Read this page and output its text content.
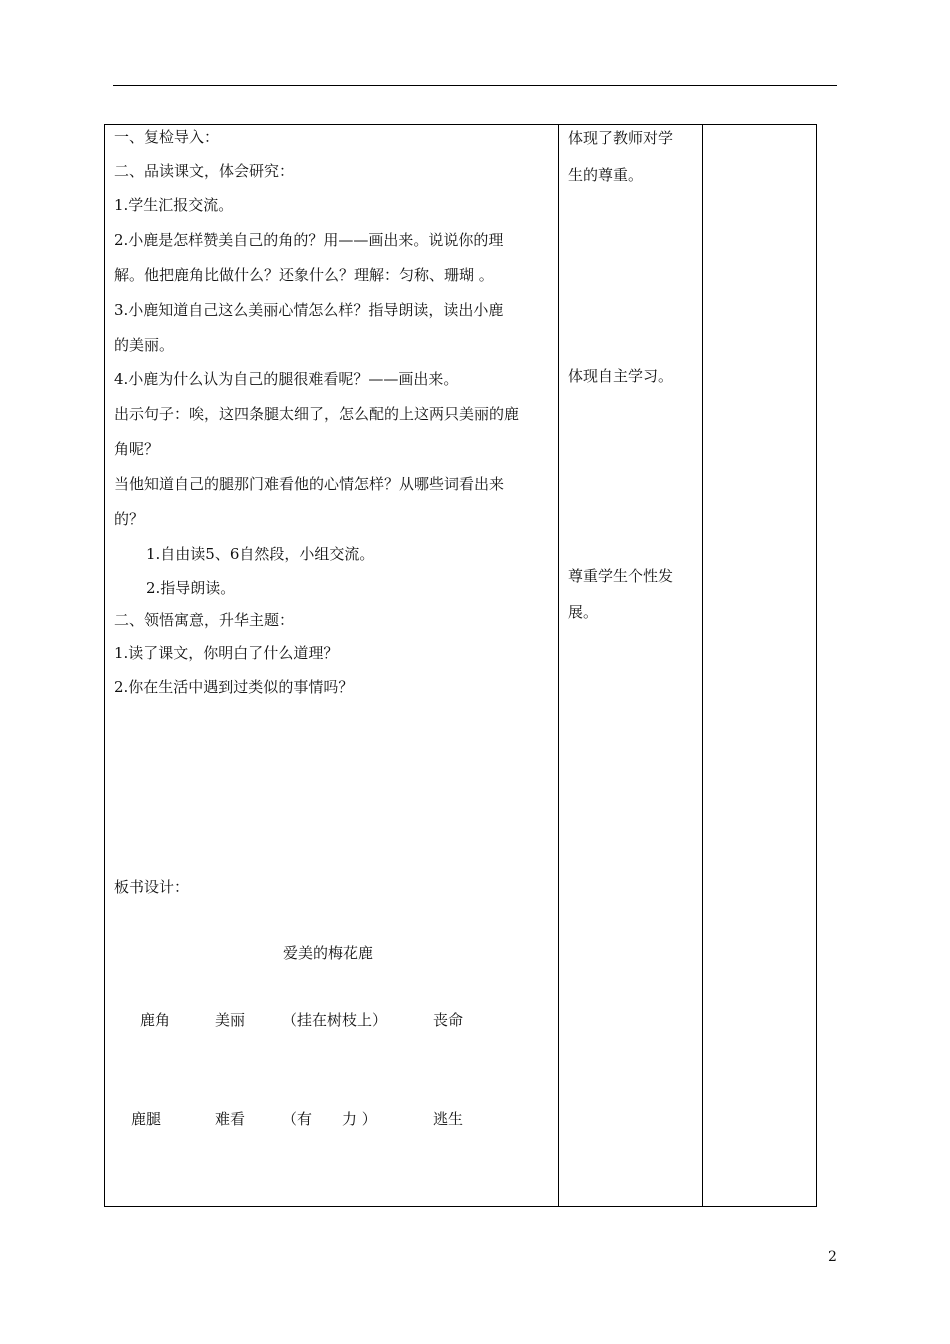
一、复检导入：
二、品读课文，体会研究：
1.学生汇报交流。
2.小鹿是怎样赞美自己的角的？用——画出来。说说你的理
解。他把鹿角比做什么？还象什么？理解：匀称、珊瑚 。
3.小鹿知道自己这么美丽心情怎么样？指导朗读，读出小鹿
的美丽。
4.小鹿为什么认为自己的腿很难看呢？——画出来。
出示句子：唉，这四条腿太细了，怎么配的上这两只美丽的鹿
角呢？
当他知道自己的腿那门难看他的心情怎样？从哪些词看出来
的？
1.自由读5、6自然段，小组交流。
2.指导朗读。
二、领悟寓意，升华主题：
1.读了课文，你明白了什么道理？
2.你在生活中遇到过类似的事情吗？
板书设计：
爱美的梅花鹿
鹿角	美丽 （挂在树枝上）	丧命
鹿腿	难看 （有　　力 ）	逃生
体现了教师对学
生的尊重。
体现自主学习。
尊重学生个性发
展。
2
